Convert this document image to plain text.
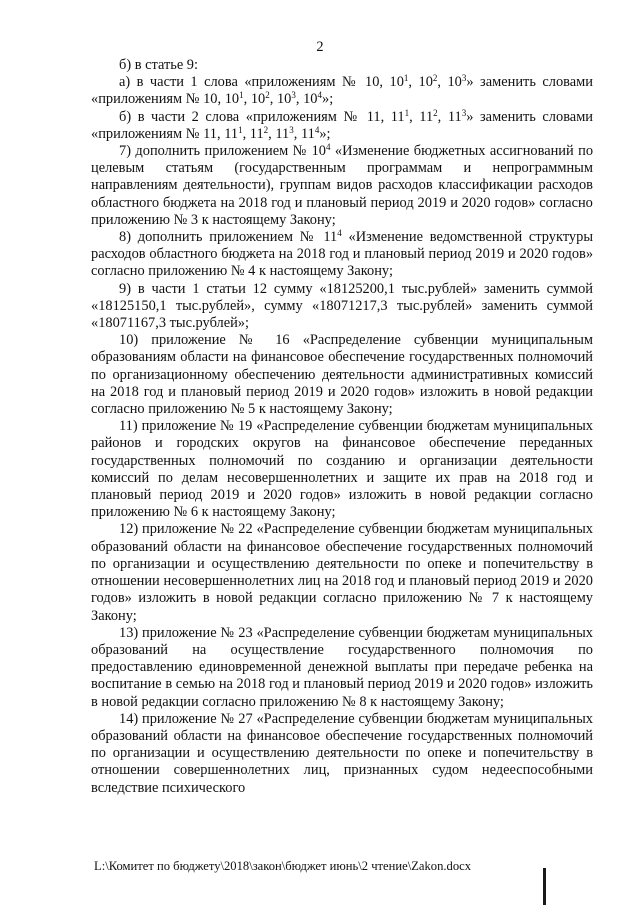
2

б) в статье 9:

а) в части 1 слова «приложениям № 10, $10^1$, $10^2$, $10^3$» заменить словами «приложениям № 10, $10^1$, $10^2$, $10^3$, $10^4$»;

б) в части 2 слова «приложениям № 11, $11^1$, $11^2$, $11^3$» заменить словами «приложениям № 11, $11^1$, $11^2$, $11^3$, $11^4$»;

7) дополнить приложением № $10^4$ «Изменение бюджетных ассигнований по целевым статьям (государственным программам и непрограммным направлениям деятельности), группам видов расходов классификации расходов областного бюджета на 2018 год и плановый период 2019 и 2020 годов» согласно приложению № 3 к настоящему Закону;

8) дополнить приложением № $11^4$ «Изменение ведомственной структуры расходов областного бюджета на 2018 год и плановый период 2019 и 2020 годов» согласно приложению № 4 к настоящему Закону;

9) в части 1 статьи 12 сумму «18125200,1 тыс.рублей» заменить суммой «18125150,1 тыс.рублей», сумму «18071217,3 тыс.рублей» заменить суммой «18071167,3 тыс.рублей»;

10) приложение № 16 «Распределение субвенции муниципальным образованиям области на финансовое обеспечение государственных полномочий по организационному обеспечению деятельности административных комиссий на 2018 год и плановый период 2019 и 2020 годов» изложить в новой редакции согласно приложению № 5 к настоящему Закону;

11) приложение № 19 «Распределение субвенции бюджетам муниципальных районов и городских округов на финансовое обеспечение переданных государственных полномочий по созданию и организации деятельности комиссий по делам несовершеннолетних и защите их прав на 2018 год и плановый период 2019 и 2020 годов» изложить в новой редакции согласно приложению № 6 к настоящему Закону;

12) приложение № 22 «Распределение субвенции бюджетам муниципальных образований области на финансовое обеспечение государственных полномочий по организации и осуществлению деятельности по опеке и попечительству в отношении несовершеннолетних лиц на 2018 год и плановый период 2019 и 2020 годов» изложить в новой редакции согласно приложению № 7 к настоящему Закону;

13) приложение № 23 «Распределение субвенции бюджетам муниципальных образований на осуществление государственного полномочия по предоставлению единовременной денежной выплаты при передаче ребенка на воспитание в семью на 2018 год и плановый период 2019 и 2020 годов» изложить в новой редакции согласно приложению № 8 к настоящему Закону;

14) приложение № 27 «Распределение субвенции бюджетам муниципальных образований области на финансовое обеспечение государственных полномочий по организации и осуществлению деятельности по опеке и попечительству в отношении совершеннолетних лиц, признанных судом недееспособными вследствие психического

L:\Комитет по бюджету\2018\закон\бюджет июнь\2 чтение\Zakon.docx
